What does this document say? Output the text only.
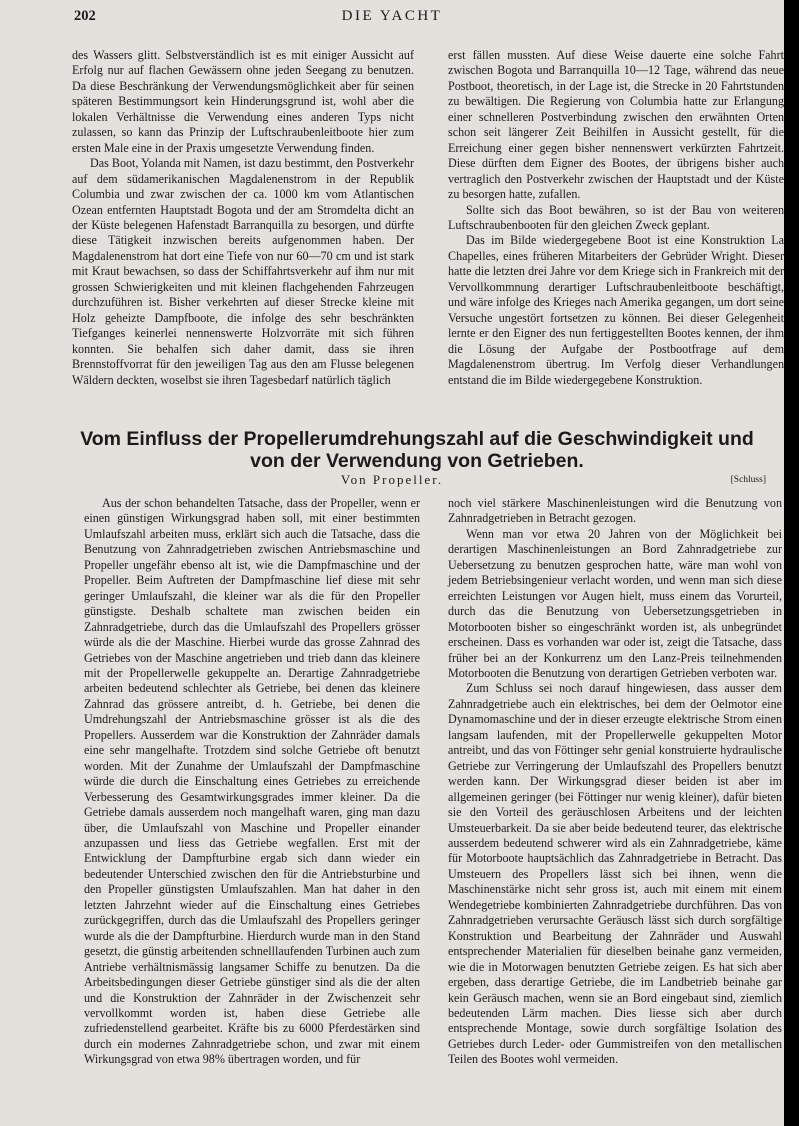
202	DIE YACHT

des Wassers glitt. Selbstverständlich ist es mit einiger Aussicht auf Erfolg nur auf flachen Gewässern ohne jeden Seegang zu benutzen. Da diese Beschränkung der Verwendungsmöglichkeit aber für seinen späteren Bestimmungsort kein Hinderungsgrund ist, wohl aber die lokalen Verhältnisse die Verwendung eines anderen Typs nicht zulassen, so kann das Prinzip der Luftschraubenleitboote hier zum ersten Male eine in der Praxis umgesetzte Verwendung finden.

Das Boot, Yolanda mit Namen, ist dazu bestimmt, den Postverkehr auf dem südamerikanischen Magdalenenstrom in der Republik Columbia und zwar zwischen der ca. 1000 km vom Atlantischen Ozean entfernten Hauptstadt Bogota und der am Stromdelta dicht an der Küste belegenen Hafenstadt Barranquilla zu besorgen, und dürfte diese Tätigkeit inzwischen bereits aufgenommen haben. Der Magdalenenstrom hat dort eine Tiefe von nur 60—70 cm und ist stark mit Kraut bewachsen, so dass der Schiffahrtsverkehr auf ihm nur mit grossen Schwierigkeiten und mit kleinen flachgehenden Fahrzeugen durchzuführen ist. Bisher verkehrten auf dieser Strecke kleine mit Holz geheizte Dampfboote, die infolge des sehr beschränkten Tiefganges keinerlei nennenswerte Holzvorräte mit sich führen konnten. Sie behalfen sich daher damit, dass sie ihren Brennstoffvorrat für den jeweiligen Tag aus den am Flusse belegenen Wäldern deckten, woselbst sie ihren Tagesbedarf natürlich täglich

erst fällen mussten. Auf diese Weise dauerte eine solche Fahrt zwischen Bogota und Barranquilla 10—12 Tage, während das neue Postboot, theoretisch, in der Lage ist, die Strecke in 20 Fahrtstunden zu bewältigen. Die Regierung von Columbia hatte zur Erlangung einer schnelleren Postverbindung zwischen den erwähnten Orten schon seit längerer Zeit Beihilfen in Aussicht gestellt, für die Erreichung einer gegen bisher nennenswert verkürzten Fahrtzeit. Diese dürften dem Eigner des Bootes, der übrigens bisher auch vertraglich den Postverkehr zwischen der Hauptstadt und der Küste zu besorgen hatte, zufallen.

Sollte sich das Boot bewähren, so ist der Bau von weiteren Luftschraubenbooten für den gleichen Zweck geplant.

Das im Bilde wiedergegebene Boot ist eine Konstruktion La Chapelles, eines früheren Mitarbeiters der Gebrüder Wright. Dieser hatte die letzten drei Jahre vor dem Kriege sich in Frankreich mit der Vervollkommnung derartiger Luftschraubenleitboote beschäftigt, und wäre infolge des Krieges nach Amerika gegangen, um dort seine Versuche ungestört fortsetzen zu können. Bei dieser Gelegenheit lernte er den Eigner des nun fertiggestellten Bootes kennen, der ihm die Lösung der Aufgabe der Postbootfrage auf dem Magdalenenstrom übertrug. Im Verfolg dieser Verhandlungen entstand die im Bilde wiedergegebene Konstruktion.

Vom Einfluss der Propellerumdrehungszahl auf die Geschwindigkeit und von der Verwendung von Getrieben.
Von Propeller.	[Schluss]

Aus der schon behandelten Tatsache, dass der Propeller, wenn er einen günstigen Wirkungsgrad haben soll, mit einer bestimmten Umlaufszahl arbeiten muss, erklärt sich auch die Tatsache, dass die Benutzung von Zahnradgetrieben zwischen Antriebsmaschine und Propeller ungefähr ebenso alt ist, wie die Dampfmaschine und der Propeller. Beim Auftreten der Dampfmaschine lief diese mit sehr geringer Umlaufszahl, die kleiner war als die für den Propeller günstigste. Deshalb schaltete man zwischen beiden ein Zahnradgetriebe, durch das die Umlaufszahl des Propellers grösser würde als die der Maschine. Hierbei wurde das grosse Zahnrad des Getriebes von der Maschine angetrieben und trieb dann das kleinere mit der Propellerwelle gekuppelte an. Derartige Zahnradgetriebe arbeiten bedeutend schlechter als Getriebe, bei denen das kleinere Zahnrad das grössere antreibt, d. h. Getriebe, bei denen die Umdrehungszahl der Antriebsmaschine grösser ist als die des Propellers. Ausserdem war die Konstruktion der Zahnräder damals eine sehr mangelhafte. Trotzdem sind solche Getriebe oft benutzt worden. Mit der Zunahme der Umlaufszahl der Dampfmaschine würde die durch die Einschaltung eines Getriebes zu erreichende Verbesserung des Gesamtwirkungsgrades immer kleiner. Da die Getriebe damals ausserdem noch mangelhaft waren, ging man dazu über, die Umlaufszahl von Maschine und Propeller einander anzupassen und liess das Getriebe wegfallen. Erst mit der Entwicklung der Dampfturbine ergab sich dann wieder ein bedeutender Unterschied zwischen den für die Antriebsturbine und den Propeller günstigsten Umlaufszahlen. Man hat daher in den letzten Jahrzehnt wieder auf die Einschaltung eines Getriebes zurückgegriffen, durch das die Umlaufszahl des Propellers geringer wurde als die der Dampfturbine. Hierdurch wurde man in den Stand gesetzt, die günstig arbeitenden schnelllaufenden Turbinen auch zum Antriebe verhältnismässig langsamer Schiffe zu benutzen. Da die Arbeitsbedingungen dieser Getriebe günstiger sind als die der alten und die Konstruktion der Zahnräder in der Zwischenzeit sehr vervollkommt worden ist, haben diese Getriebe alle zufriedenstellend gearbeitet. Kräfte bis zu 6000 Pferdestärken sind durch ein modernes Zahnradgetriebe schon, und zwar mit einem Wirkungsgrad von etwa 98% übertragen worden, und für

noch viel stärkere Maschinenleistungen wird die Benutzung von Zahnradgetrieben in Betracht gezogen.

Wenn man vor etwa 20 Jahren von der Möglichkeit bei derartigen Maschinenleistungen an Bord Zahnradgetriebe zur Uebersetzung zu benutzen gesprochen hatte, wäre man wohl von jedem Betriebsingenieur verlacht worden, und wenn man sich diese erreichten Leistungen vor Augen hielt, muss einem das Vorurteil, durch das die Benutzung von Uebersetzungsgetrieben in Motorbooten bisher so eingeschränkt worden ist, als unbegründet erscheinen. Dass es vorhanden war oder ist, zeigt die Tatsache, dass früher bei an der Konkurrenz um den Lanz-Preis teilnehmenden Motorbooten die Benutzung von derartigen Getrieben verboten war.

Zum Schluss sei noch darauf hingewiesen, dass ausser dem Zahnradgetriebe auch ein elektrisches, bei dem der Oelmotor eine Dynamomaschine und der in dieser erzeugte elektrische Strom einen langsam laufenden, mit der Propellerwelle gekuppelten Motor antreibt, und das von Föttinger sehr genial konstruierte hydraulische Getriebe zur Verringerung der Umlaufszahl des Propellers benutzt werden kann. Der Wirkungsgrad dieser beiden ist aber im allgemeinen geringer (bei Föttinger nur wenig kleiner), dafür bieten sie den Vorteil des geräuschlosen Arbeitens und der leichten Umsteuerbarkeit. Da sie aber beide bedeutend teurer, das elektrische ausserdem bedeutend schwerer wird als ein Zahnradgetriebe, käme für Motorboote hauptsächlich das Zahnradgetriebe in Betracht. Das Umsteuern des Propellers lässt sich bei ihnen, wenn die Maschinenstärke nicht sehr gross ist, auch mit einem mit einem Wendegetriebe kombinierten Zahnradgetriebe durchführen. Das von Zahnradgetrieben verursachte Geräusch lässt sich durch sorgfältige Konstruktion und Bearbeitung der Zahnräder und Auswahl entsprechender Materialien für dieselben beinahe ganz vermeiden, wie die in Motorwagen benutzten Getriebe zeigen. Es hat sich aber ergeben, dass derartige Getriebe, die im Landbetrieb beinahe gar kein Geräusch machen, wenn sie an Bord eingebaut sind, ziemlich bedeutenden Lärm machen. Dies liesse sich aber durch entsprechende Montage, sowie durch sorgfältige Isolation des Getriebes durch Leder- oder Gummistreifen von den metallischen Teilen des Bootes wohl vermeiden.
